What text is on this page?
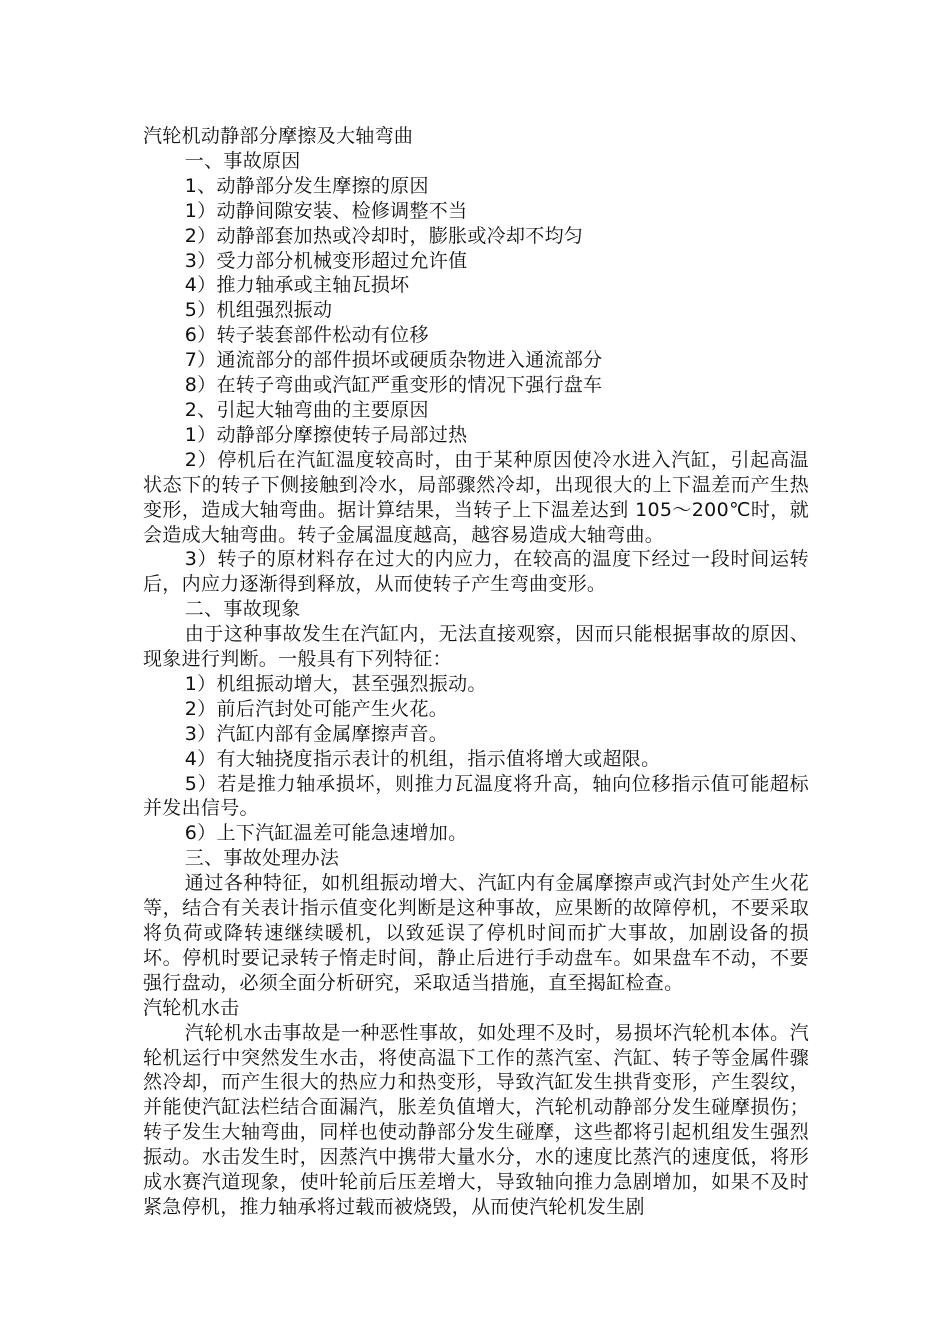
汽轮机动静部分摩擦及大轴弯曲

一、事故原因

1、动静部分发生摩擦的原因

1）动静间隙安装、检修调整不当

2）动静部套加热或冷却时，膨胀或冷却不均匀

3）受力部分机械变形超过允许值

4）推力轴承或主轴瓦损坏

5）机组强烈振动

6）转子装套部件松动有位移

7）通流部分的部件损坏或硬质杂物进入通流部分

8）在转子弯曲或汽缸严重变形的情况下强行盘车

2、引起大轴弯曲的主要原因

1）动静部分摩擦使转子局部过热

2）停机后在汽缸温度较高时，由于某种原因使冷水进入汽缸，引起高温状态下的转子下侧接触到冷水，局部骤然冷却，出现很大的上下温差而产生热变形，造成大轴弯曲。据计算结果，当转子上下温差达到 105～200℃时，就会造成大轴弯曲。转子金属温度越高，越容易造成大轴弯曲。

3）转子的原材料存在过大的内应力，在较高的温度下经过一段时间运转后，内应力逐渐得到释放，从而使转子产生弯曲变形。

二、事故现象

由于这种事故发生在汽缸内，无法直接观察，因而只能根据事故的原因、现象进行判断。一般具有下列特征：

1）机组振动增大，甚至强烈振动。

2）前后汽封处可能产生火花。

3）汽缸内部有金属摩擦声音。

4）有大轴挠度指示表计的机组，指示值将增大或超限。

5）若是推力轴承损坏，则推力瓦温度将升高，轴向位移指示值可能超标并发出信号。

6）上下汽缸温差可能急速增加。

三、事故处理办法

通过各种特征，如机组振动增大、汽缸内有金属摩擦声或汽封处产生火花等，结合有关表计指示值变化判断是这种事故，应果断的故障停机，不要采取将负荷或降转速继续暖机，以致延误了停机时间而扩大事故，加剧设备的损坏。停机时要记录转子惰走时间，静止后进行手动盘车。如果盘车不动，不要强行盘动，必须全面分析研究，采取适当措施，直至揭缸检查。

汽轮机水击

汽轮机水击事故是一种恶性事故，如处理不及时，易损坏汽轮机本体。汽轮机运行中突然发生水击，将使高温下工作的蒸汽室、汽缸、转子等金属件骤然冷却，而产生很大的热应力和热变形，导致汽缸发生拱背变形，产生裂纹，并能使汽缸法栏结合面漏汽，胀差负值增大，汽轮机动静部分发生碰摩损伤；转子发生大轴弯曲，同样也使动静部分发生碰摩，这些都将引起机组发生强烈振动。水击发生时，因蒸汽中携带大量水分，水的速度比蒸汽的速度低，将形成水赛汽道现象，使叶轮前后压差增大，导致轴向推力急剧增加，如果不及时紧急停机，推力轴承将过载而被烧毁，从而使汽轮机发生剧
